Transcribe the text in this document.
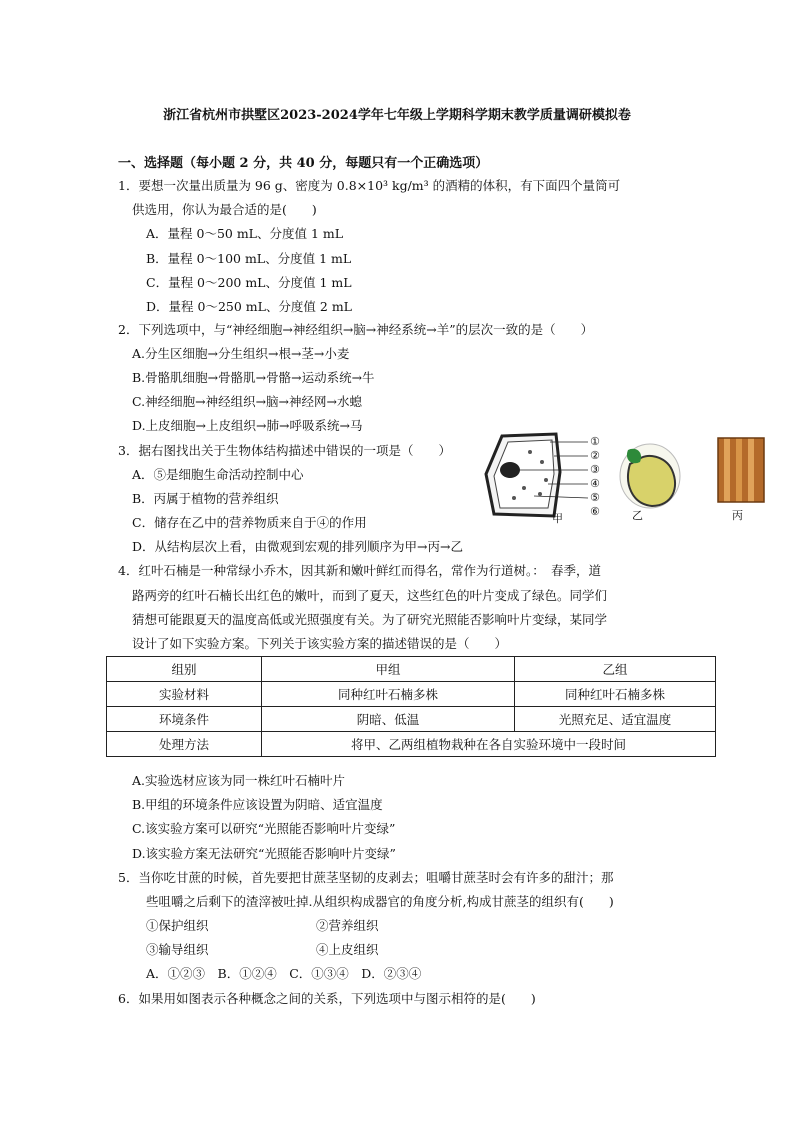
浙江省杭州市拱墅区2023-2024学年七年级上学期科学期末教学质量调研模拟卷
一、选择题（每小题 2 分，共 40 分，每题只有一个正确选项）
1．要想一次量出质量为 96 g、密度为 0.8×10³ kg/m³ 的酒精的体积，有下面四个量筒可
供选用，你认为最合适的是(　　)
A．量程 0～50 mL、分度值 1 mL
B．量程 0～100 mL、分度值 1 mL
C．量程 0～200 mL、分度值 1 mL
D．量程 0～250 mL、分度值 2 mL
2．下列选项中，与“神经细胞→神经组织→脑→神经系统→羊”的层次一致的是（　　）
A.分生区细胞→分生组织→根→茎→小麦
B.骨骼肌细胞→骨骼肌→骨骼→运动系统→牛
C.神经细胞→神经组织→脑→神经网→水螅
D.上皮细胞→上皮组织→肺→呼吸系统→马
3．据右图找出关于生物体结构描述中错误的一项是（　　）
A．⑤是细胞生命活动控制中心
B．丙属于植物的营养组织
C．储存在乙中的营养物质来自于④的作用
D．从结构层次上看，由微观到宏观的排列顺序为甲→丙→乙
①
②
③
④
⑤
⑥
甲	乙	丙
4．红叶石楠是一种常绿小乔木，因其新和嫩叶鲜红而得名，常作为行道树。：　春季，道
路两旁的红叶石楠长出红色的嫩叶，而到了夏天，这些红色的叶片变成了绿色。同学们
猜想可能跟夏天的温度高低或光照强度有关。为了研究光照能否影响叶片变绿，某同学
设计了如下实验方案。下列关于该实验方案的描述错误的是（　　）
组别	甲组	乙组
实验材料	同种红叶石楠多株	同种红叶石楠多株
环境条件	阴暗、低温	光照充足、适宜温度
处理方法	将甲、乙两组植物栽种在各自实验环境中一段时间	
A.实验选材应该为同一株红叶石楠叶片
B.甲组的环境条件应该设置为阴暗、适宜温度
C.该实验方案可以研究“光照能否影响叶片变绿”
D.该实验方案无法研究“光照能否影响叶片变绿”
5．当你吃甘蔗的时候，首先要把甘蔗茎坚韧的皮剥去；咀嚼甘蔗茎时会有许多的甜汁；那
些咀嚼之后剩下的渣滓被吐掉.从组织构成器官的角度分析,构成甘蔗茎的组织有(　　)
①保护组织	②营养组织
③输导组织	④上皮组织
A．①②③　B．①②④　C．①③④　D．②③④
6．如果用如图表示各种概念之间的关系，下列选项中与图示相符的是(　　)
